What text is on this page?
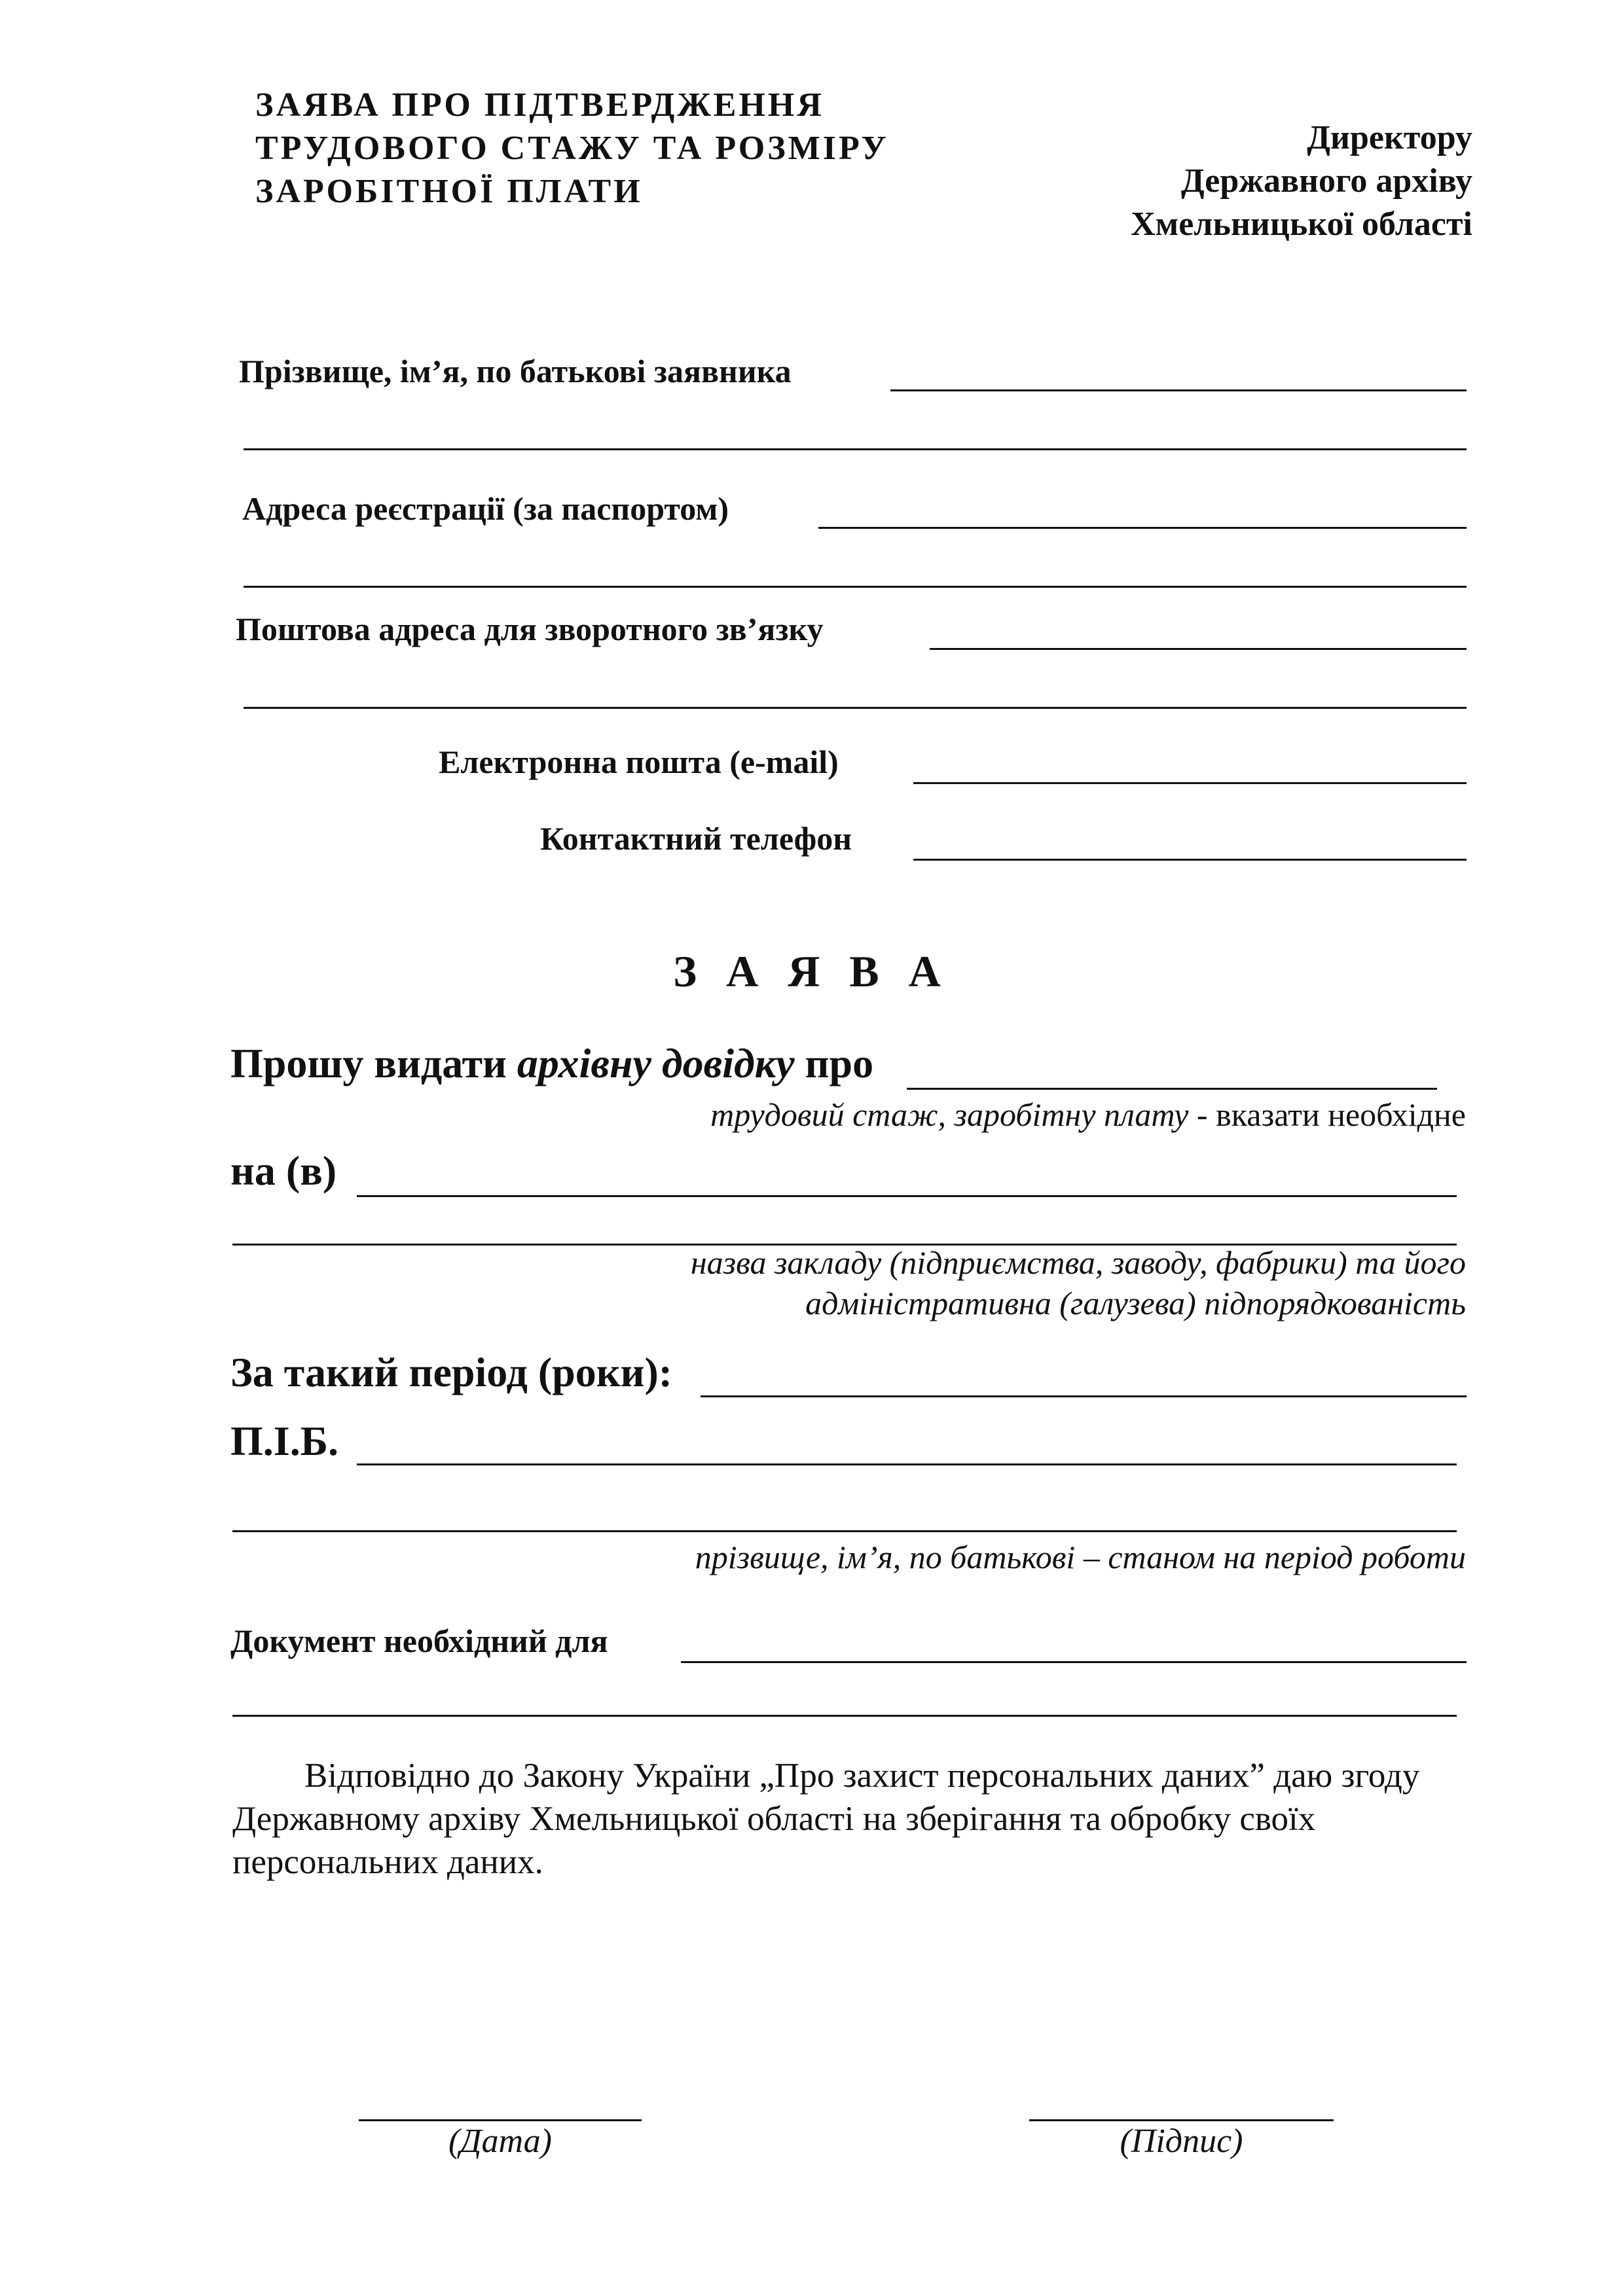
ЗАЯВА ПРО ПІДТВЕРДЖЕННЯ
ТРУДОВОГО СТАЖУ ТА РОЗМІРУ
ЗАРОБІТНОЇ ПЛАТИ
Директору
Державного архіву
Хмельницької області
Прізвище, ім’я, по батькові заявника
Адреса реєстрації (за паспортом)
Поштова адреса для зворотного зв’язку
Електронна пошта (e-mail)
Контактний телефон
З А Я В А
Прошу видати архівну довідку про
трудовий стаж, заробітну плату - вказати необхідне
на (в)
назва закладу (підприємства, заводу, фабрики) та його
адміністративна (галузева) підпорядкованість
За такий період (роки):
П.І.Б.
прізвище, ім’я, по батькові – станом на період роботи
Документ необхідний для

Відповідно до Закону України „Про захист персональних даних” даю згоду Державному архіву Хмельницької області на зберігання та обробку своїх персональних даних.

(Дата)	(Підпис)
